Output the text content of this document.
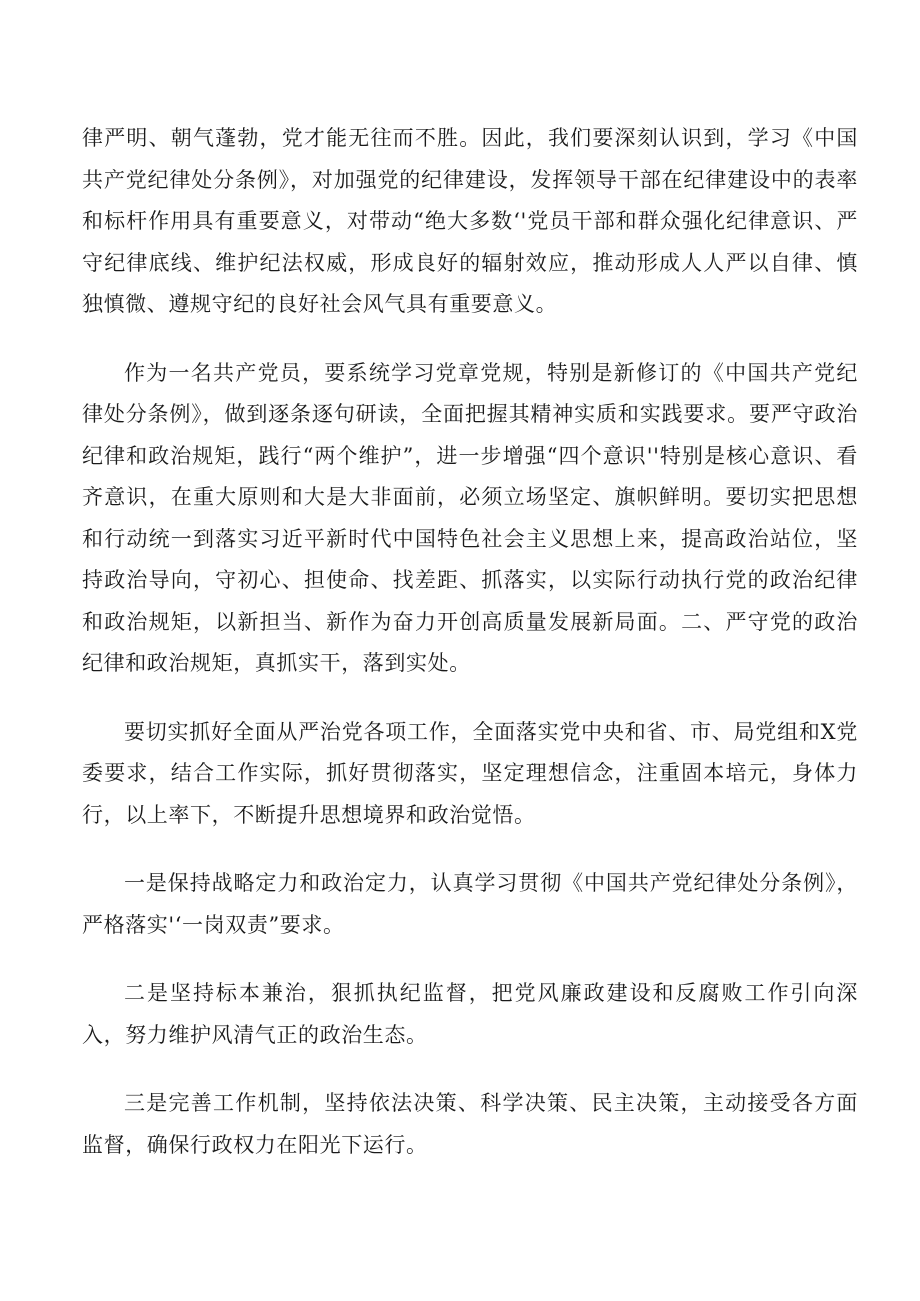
律严明、朝气蓬勃，党才能无往而不胜。因此，我们要深刻认识到，学习《中国共产党纪律处分条例》，对加强党的纪律建设，发挥领导干部在纪律建设中的表率和标杆作用具有重要意义，对带动“绝大多数‘'党员干部和群众强化纪律意识、严守纪律底线、维护纪法权威，形成良好的辐射效应，推动形成人人严以自律、慎独慎微、遵规守纪的良好社会风气具有重要意义。

作为一名共产党员，要系统学习党章党规，特别是新修订的《中国共产党纪律处分条例》，做到逐条逐句研读，全面把握其精神实质和实践要求。要严守政治纪律和政治规矩，践行“两个维护”，进一步增强“四个意识''特别是核心意识、看齐意识，在重大原则和大是大非面前，必须立场坚定、旗帜鲜明。要切实把思想和行动统一到落实习近平新时代中国特色社会主义思想上来，提高政治站位，坚持政治导向，守初心、担使命、找差距、抓落实，以实际行动执行党的政治纪律和政治规矩，以新担当、新作为奋力开创高质量发展新局面。二、严守党的政治纪律和政治规矩，真抓实干，落到实处。

要切实抓好全面从严治党各项工作，全面落实党中央和省、市、局党组和X党委要求，结合工作实际，抓好贯彻落实，坚定理想信念，注重固本培元，身体力行，以上率下，不断提升思想境界和政治觉悟。

一是保持战略定力和政治定力，认真学习贯彻《中国共产党纪律处分条例》，严格落实'‘一岗双责”要求。

二是坚持标本兼治，狠抓执纪监督，把党风廉政建设和反腐败工作引向深入，努力维护风清气正的政治生态。

三是完善工作机制，坚持依法决策、科学决策、民主决策，主动接受各方面监督，确保行政权力在阳光下运行。
